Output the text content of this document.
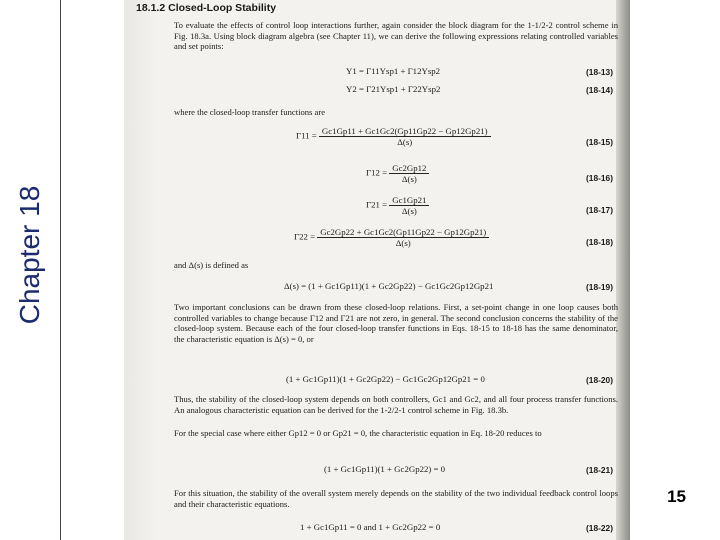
Chapter 18
18.1.2 Closed-Loop Stability

To evaluate the effects of control loop interactions further, again consider the block diagram for the 1-1/2-2 control scheme in Fig. 18.3a. Using block diagram algebra (see Chapter 11), we can derive the following expressions relating controlled variables and set points:

Y1 = Γ11Ysp1 + Γ12Ysp2	(18-13)
Y2 = Γ21Ysp1 + Γ22Ysp2	(18-14)

where the closed-loop transfer functions are

$\Gamma 11 = \frac{Gc1Gp11 + Gc1Gc2(Gp11Gp22 - Gp12Gp21)}{\Delta(s)}$	(18-15)
$\Gamma 12 = \frac{Gc2Gp12}{\Delta(s)}$	(18-16)
$\Gamma 21 = \frac{Gc1Gp21}{\Delta(s)}$	(18-17)
$\Gamma 22 = \frac{Gc2Gp22 + Gc1Gc2(Gp11Gp22 - Gp12Gp21)}{\Delta(s)}$	(18-18)

and Δ(s) is defined as

Δ(s) = (1 + Gc1Gp11)(1 + Gc2Gp22) − Gc1Gc2Gp12Gp21	(18-19)

Two important conclusions can be drawn from these closed-loop relations. First, a set-point change in one loop causes both controlled variables to change because Γ12 and Γ21 are not zero, in general. The second conclusion concerns the stability of the closed-loop system. Because each of the four closed-loop transfer functions in Eqs. 18-15 to 18-18 has the same denominator, the characteristic equation is Δ(s) = 0, or

(1 + Gc1Gp11)(1 + Gc2Gp22) − Gc1Gc2Gp12Gp21 = 0	(18-20)

Thus, the stability of the closed-loop system depends on both controllers, Gc1 and Gc2, and all four process transfer functions. An analogous characteristic equation can be derived for the 1-2/2-1 control scheme in Fig. 18.3b.

For the special case where either Gp12 = 0 or Gp21 = 0, the characteristic equation in Eq. 18-20 reduces to

(1 + Gc1Gp11)(1 + Gc2Gp22) = 0	(18-21)

For this situation, the stability of the overall system merely depends on the stability of the two individual feedback control loops and their characteristic equations.

1 + Gc1Gp11 = 0 and 1 + Gc2Gp22 = 0	(18-22)
15
